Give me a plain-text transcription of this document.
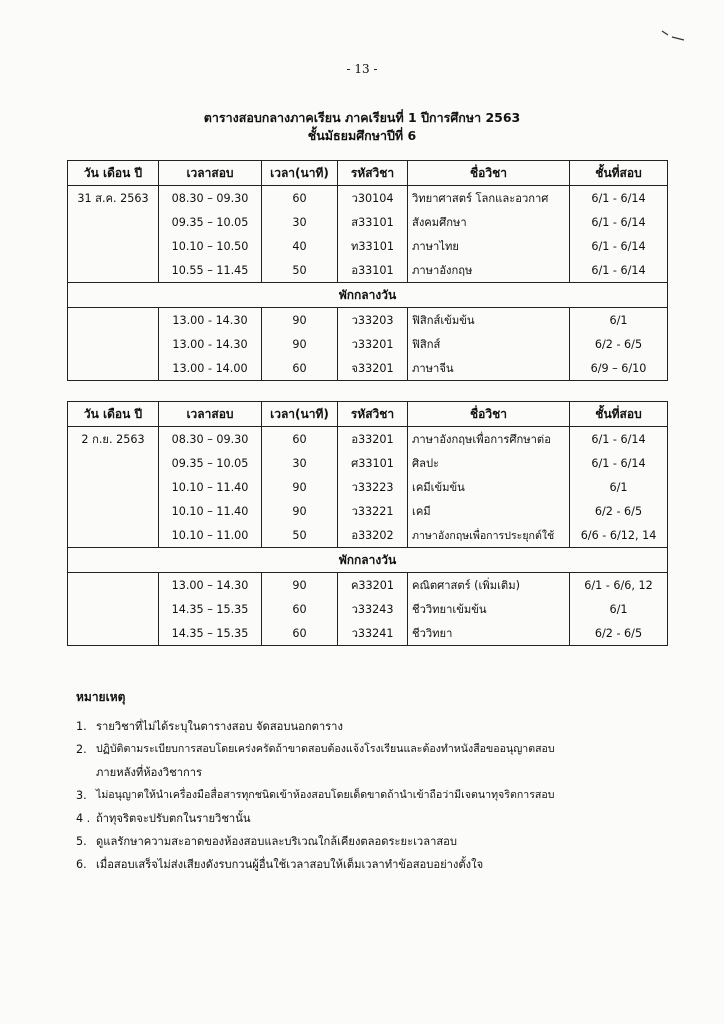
- 13 -
ตารางสอบกลางภาคเรียน ภาคเรียนที่ 1 ปีการศึกษา 2563
ชั้นมัธยมศึกษาปีที่ 6
วัน เดือน ปี	เวลาสอบ	เวลา(นาที)	รหัสวิชา	ชื่อวิชา	ชั้นที่สอบ
31 ส.ค. 2563	08.30 – 09.30	60	ว30104	วิทยาศาสตร์ โลกและอวกาศ	6/1 - 6/14
	09.35 – 10.05	30	ส33101	สังคมศึกษา	6/1 - 6/14
	10.10 – 10.50	40	ท33101	ภาษาไทย	6/1 - 6/14
	10.55 – 11.45	50	อ33101	ภาษาอังกฤษ	6/1 - 6/14
พักกลางวัน					
	13.00 - 14.30	90	ว33203	ฟิสิกส์เข้มข้น	6/1
	13.00 - 14.30	90	ว33201	ฟิสิกส์	6/2 - 6/5
	13.00 - 14.00	60	จ33201	ภาษาจีน	6/9 – 6/10
วัน เดือน ปี	เวลาสอบ	เวลา(นาที)	รหัสวิชา	ชื่อวิชา	ชั้นที่สอบ
2 ก.ย. 2563	08.30 – 09.30	60	อ33201	ภาษาอังกฤษเพื่อการศึกษาต่อ	6/1 - 6/14
	09.35 – 10.05	30	ศ33101	ศิลปะ	6/1 - 6/14
	10.10 – 11.40	90	ว33223	เคมีเข้มข้น	6/1
	10.10 – 11.40	90	ว33221	เคมี	6/2 - 6/5
	10.10 – 11.00	50	อ33202	ภาษาอังกฤษเพื่อการประยุกต์ใช้	6/6 - 6/12, 14
พักกลางวัน					
	13.00 – 14.30	90	ค33201	คณิตศาสตร์ (เพิ่มเติม)	6/1 - 6/6, 12
	14.35 – 15.35	60	ว33243	ชีววิทยาเข้มข้น	6/1
	14.35 – 15.35	60	ว33241	ชีววิทยา	6/2 - 6/5
หมายเหตุ
1. รายวิชาที่ไม่ได้ระบุในตารางสอบ จัดสอบนอกตาราง
2. ปฏิบัติตามระเบียบการสอบโดยเคร่งครัดถ้าขาดสอบต้องแจ้งโรงเรียนและต้องทำหนังสือขออนุญาตสอบ
ภายหลังที่ห้องวิชาการ
3. ไม่อนุญาตให้นำเครื่องมือสื่อสารทุกชนิดเข้าห้องสอบโดยเด็ดขาดถ้านำเข้าถือว่ามีเจตนาทุจริตการสอบ
4 . ถ้าทุจริตจะปรับตกในรายวิชานั้น
5. ดูแลรักษาความสะอาดของห้องสอบและบริเวณใกล้เคียงตลอดระยะเวลาสอบ
6. เมื่อสอบเสร็จไม่ส่งเสียงดังรบกวนผู้อื่นใช้เวลาสอบให้เต็มเวลาทำข้อสอบอย่างตั้งใจ
